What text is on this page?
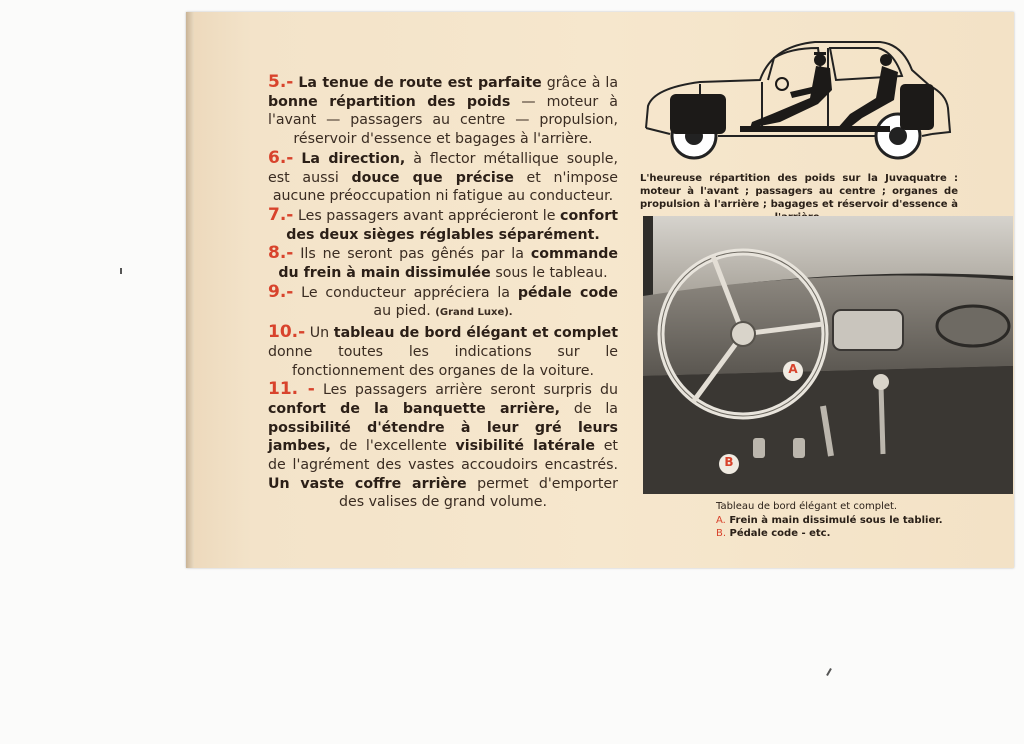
5.- La tenue de route est parfaite grâce à la bonne répartition des poids — moteur à l'avant — passagers au centre — propulsion, réservoir d'essence et bagages à l'arrière.

6.- La direction, à flector métallique souple, est aussi douce que précise et n'impose aucune préoccupation ni fatigue au conducteur.

7.- Les passagers avant apprécieront le confort des deux sièges réglables séparément.

8.- Ils ne seront pas gênés par la commande du frein à main dissimulée sous le tableau.

9.- Le conducteur appréciera la pédale code au pied. (Grand Luxe).

10.- Un tableau de bord élégant et complet donne toutes les indications sur le fonctionnement des organes de la voiture.

11. - Les passagers arrière seront surpris du confort de la banquette arrière, de la possibilité d'étendre à leur gré leurs jambes, de l'excellente visibilité latérale et de l'agrément des vastes accoudoirs encastrés. Un vaste coffre arrière permet d'emporter des valises de grand volume.

L'heureuse répartition des poids sur la Juvaquatre : moteur à l'avant ; passagers au centre ; organes de propulsion à l'arrière ; bagages et réservoir d'essence à
A
B
Tableau de bord élégant et complet.
A. Frein à main dissimulé sous le tablier.
B. Pédale code - etc.
